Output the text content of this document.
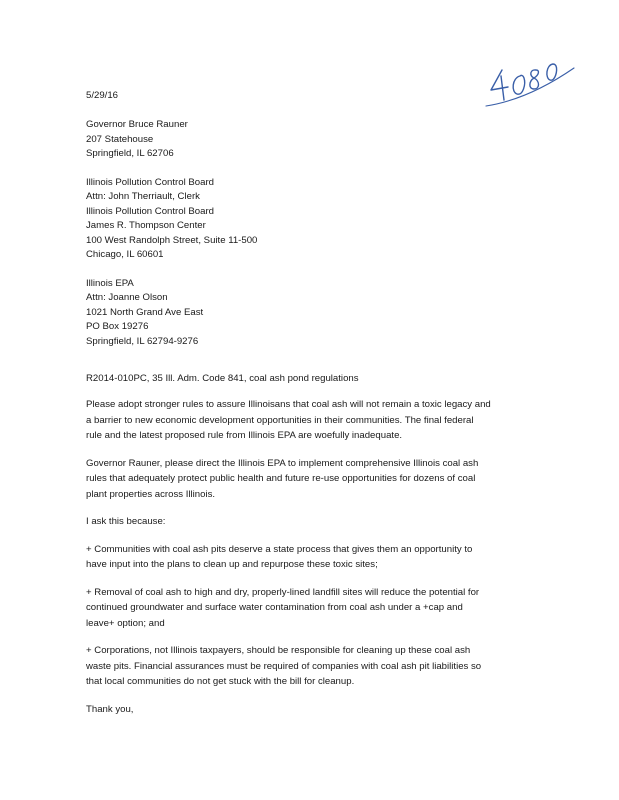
5/29/16
Governor Bruce Rauner
207 Statehouse
Springfield, IL 62706
Illinois Pollution Control Board
Attn: John Therriault, Clerk
Illinois Pollution Control Board
James R. Thompson Center
100 West Randolph Street, Suite 11-500
Chicago, IL 60601
Illinois EPA
Attn: Joanne Olson
1021 North Grand Ave East
PO Box 19276
Springfield, IL 62794-9276
R2014-010PC, 35 Ill. Adm. Code 841, coal ash pond regulations
Please adopt stronger rules to assure Illinoisans that coal ash will not remain a toxic legacy and
a barrier to new economic development opportunities in their communities. The final federal
rule and the latest proposed rule from Illinois EPA are woefully inadequate.
Governor Rauner, please direct the Illinois EPA to implement comprehensive Illinois coal ash
rules that adequately protect public health and future re-use opportunities for dozens of coal
plant properties across Illinois.
I ask this because:
+ Communities with coal ash pits deserve a state process that gives them an opportunity to
have input into the plans to clean up and repurpose these toxic sites;
+ Removal of coal ash to high and dry, properly-lined landfill sites will reduce the potential for
continued groundwater and surface water contamination from coal ash under a +cap and
leave+ option; and
+ Corporations, not Illinois taxpayers, should be responsible for cleaning up these coal ash
waste pits. Financial assurances must be required of companies with coal ash pit liabilities so
that local communities do not get stuck with the bill for cleanup.
Thank you,
